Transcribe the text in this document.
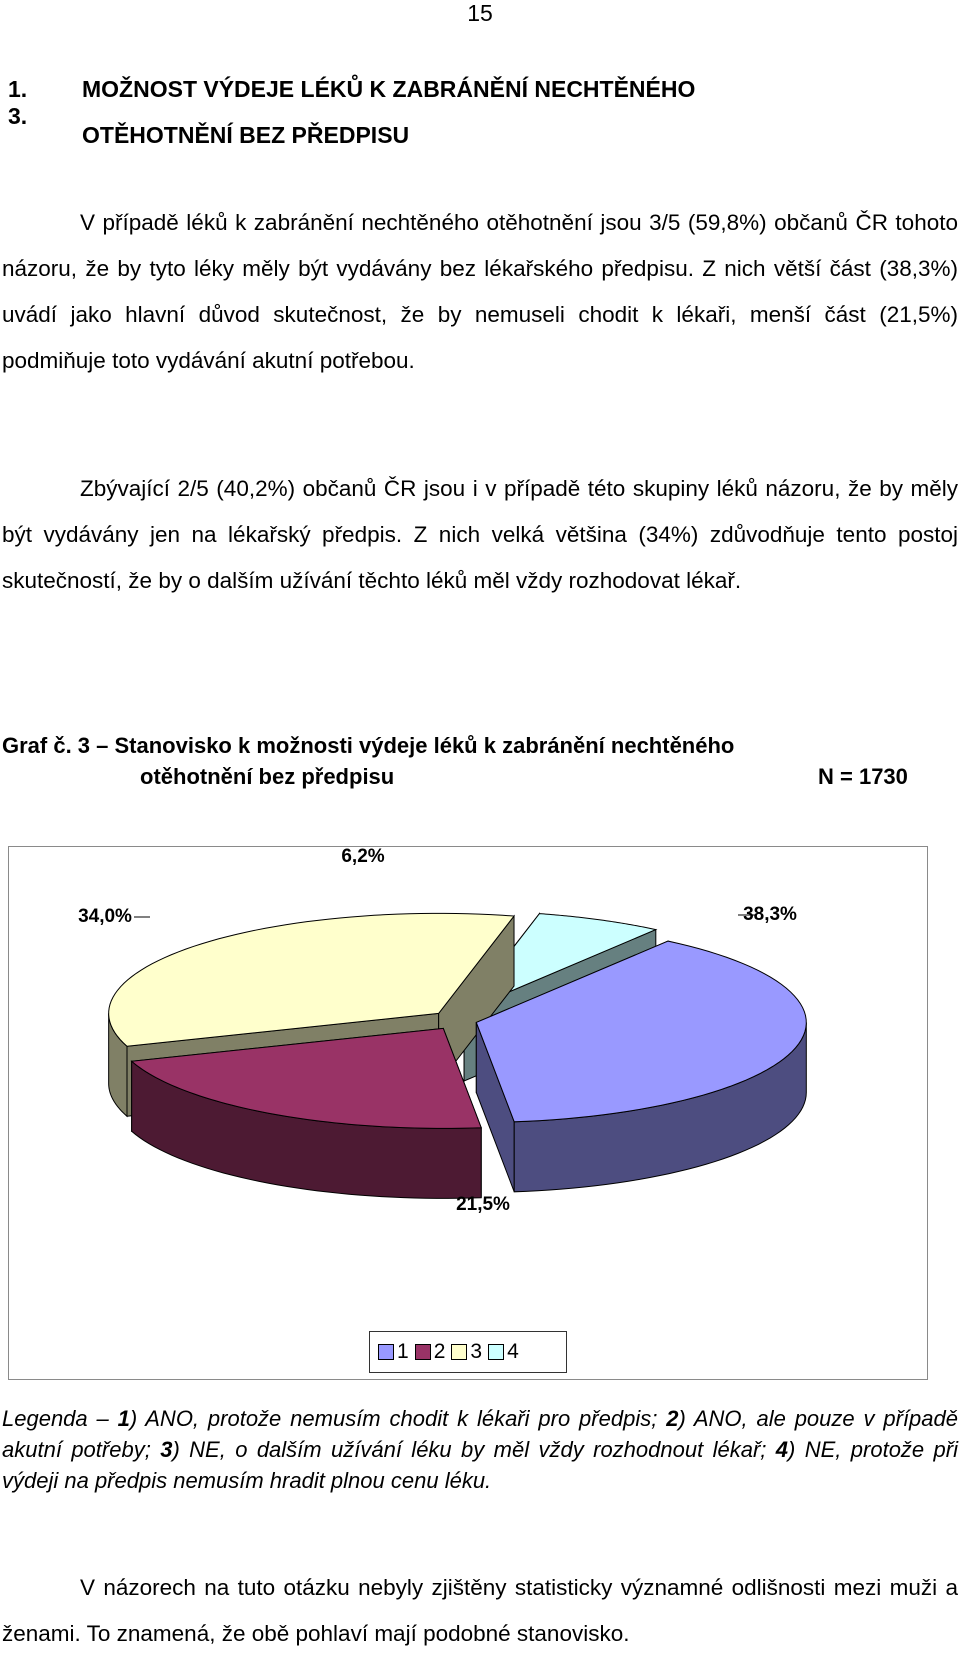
15
1. 3.
MOŽNOST VÝDEJE LÉKŮ K ZABRÁNĚNÍ NECHTĚNÉHO
OTĚHOTNĚNÍ BEZ PŘEDPISU
V případě léků k zabránění nechtěného otěhotnění jsou 3/5 (59,8%) občanů ČR tohoto názoru, že by tyto léky měly být vydávány bez lékařského předpisu. Z nich větší část (38,3%) uvádí jako hlavní důvod skutečnost, že by nemuseli chodit k lékaři, menší část (21,5%) podmiňuje toto vydávání akutní potřebou.
Zbývající 2/5 (40,2%) občanů ČR jsou i v případě této skupiny léků názoru, že by měly být vydávány jen na lékařský předpis. Z nich velká většina (34%) zdůvodňuje tento postoj skutečností, že by o dalším užívání těchto léků měl vždy rozhodovat lékař.
Graf č. 3 – Stanovisko k možnosti výdeje léků k zabránění nechtěného
otěhotnění bez předpisu	N = 1730
38,3%
21,5%
34,0%
6,2%
1 2 3 4
Legenda – 1) ANO, protože nemusím chodit k lékaři pro předpis; 2) ANO, ale pouze v případě akutní potřeby; 3) NE, o dalším užívání léku by měl vždy rozhodnout lékař; 4) NE, protože při výdeji na předpis nemusím hradit plnou cenu léku.
V názorech na tuto otázku nebyly zjištěny statisticky významné odlišnosti mezi muži a ženami. To znamená, že obě pohlaví mají podobné stanovisko.
